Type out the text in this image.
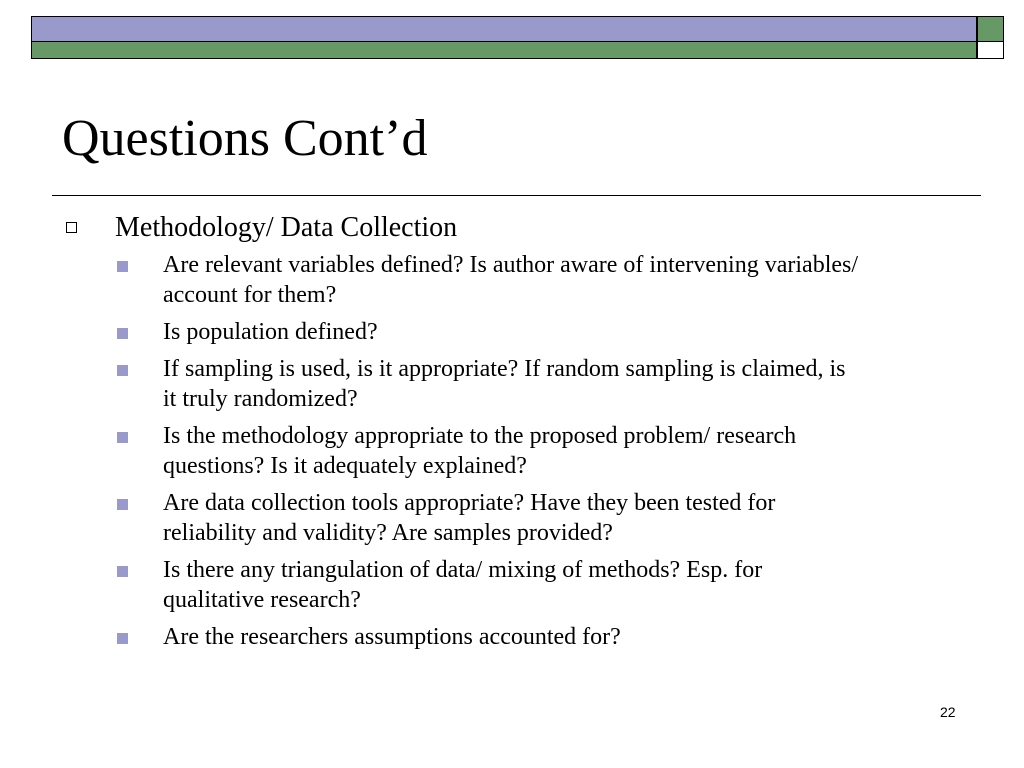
Questions Cont’d
Methodology/ Data Collection
Are relevant variables defined? Is author aware of intervening variables/ account for them?
Is population defined?
If sampling is used, is it appropriate? If random sampling is claimed, is it truly randomized?
Is the methodology appropriate to the proposed problem/ research questions? Is it adequately explained?
Are data collection tools appropriate? Have they been tested for reliability and validity? Are samples provided?
Is there any triangulation of data/ mixing of methods? Esp. for qualitative research?
Are the researchers assumptions accounted for?
22
